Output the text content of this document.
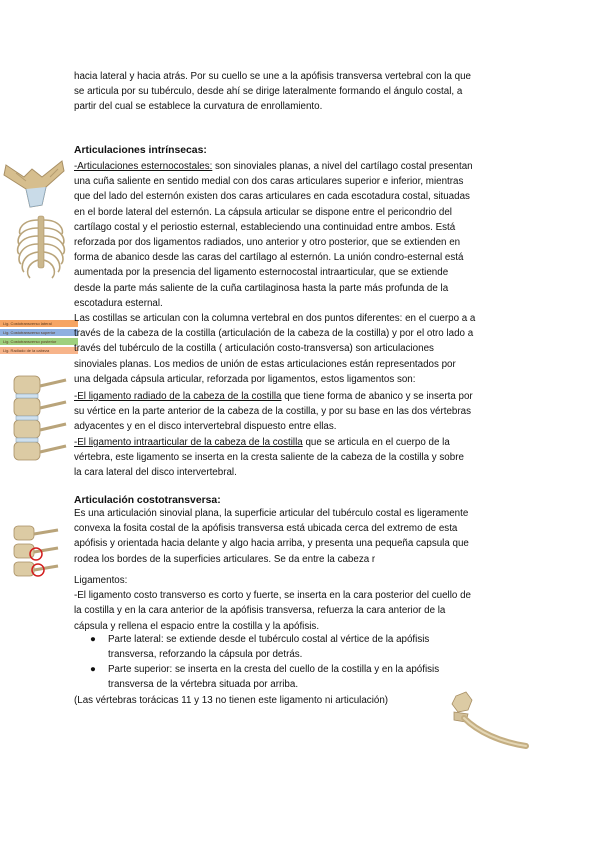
hacia lateral y hacia atrás. Por su cuello se une a la apófisis transversa vertebral con la que
se articula por su tubérculo, desde ahí se dirige lateralmente formando el ángulo costal, a
partir del cual se establece la curvatura de enrollamiento.
Articulaciones intrínsecas:
-Articulaciones esternocostales: son sinoviales planas, a nivel del cartílago costal presentan
una cuña saliente en sentido medial con dos caras articulares superior e inferior, mientras
que del lado del esternón existen dos caras articulares en cada escotadura costal, situadas
en el borde lateral del esternón. La cápsula articular se dispone entre el pericondrio del
cartílago costal y el periostio esternal, estableciendo una continuidad entre ambos. Está
reforzada por dos ligamentos radiados, uno anterior y otro posterior, que se extienden en
forma de abanico desde las caras del cartílago al esternón. La unión condro-esternal está
aumentada por la presencia del ligamento esternocostal intraarticular, que se extiende
desde la parte más saliente de la cuña cartilaginosa hasta la parte más profunda de la
escotadura esternal.
Lig. Costotransverso lateral
Lig. Costotransverso superior
Lig. Costotransverso posterior
Lig. Radiado de la cabeza
Las costillas se articulan con la columna vertebral en dos puntos diferentes: en el cuerpo a a
través de la cabeza de la costilla (articulación de la cabeza de la costilla) y por el otro lado a
través del tubérculo de la costilla ( articulación costo-transversa) son articulaciones
sinoviales planas. Los medios de unión de estas articulaciones están representados por
una delgada cápsula articular, reforzada por ligamentos, estos ligamentos son:
-El ligamento radiado de la cabeza de la costilla que tiene forma de abanico y se inserta por
su vértice en la parte anterior de la cabeza de la costilla, y por su base en las dos vértebras
adyacentes y en el disco intervertebral dispuesto entre ellas.
-El ligamento intraarticular de la cabeza de la costilla que se articula en el cuerpo de la
vértebra, este ligamento se inserta en la cresta saliente de la cabeza de la costilla y sobre
la cara lateral del disco intervertebral.
Articulación costotransversa:
Es una articulación sinovial plana, la superficie articular del tubérculo costal es ligeramente
convexa la fosita costal de la apófisis transversa está ubicada cerca del extremo de esta
apófisis y orientada hacia delante y algo hacia arriba, y presenta una pequeña capsula que
rodea los bordes de la superficies articulares. Se da entre la cabeza r
Ligamentos:
-El ligamento costo transverso es corto y fuerte, se inserta en la cara posterior del cuello de
la costilla y en la cara anterior de la apófisis transversa, refuerza la cara anterior de la
cápsula y rellena el espacio entre la costilla y la apófisis.
● Parte lateral: se extiende desde el tubérculo costal al vértice de la apófisis
transversa, reforzando la cápsula por detrás.
● Parte superior: se inserta en la cresta del cuello de la costilla y en la apófisis
transversa de la vértebra situada por arriba.
(Las vértebras torácicas 11 y 13 no tienen este ligamento ni articulación)
